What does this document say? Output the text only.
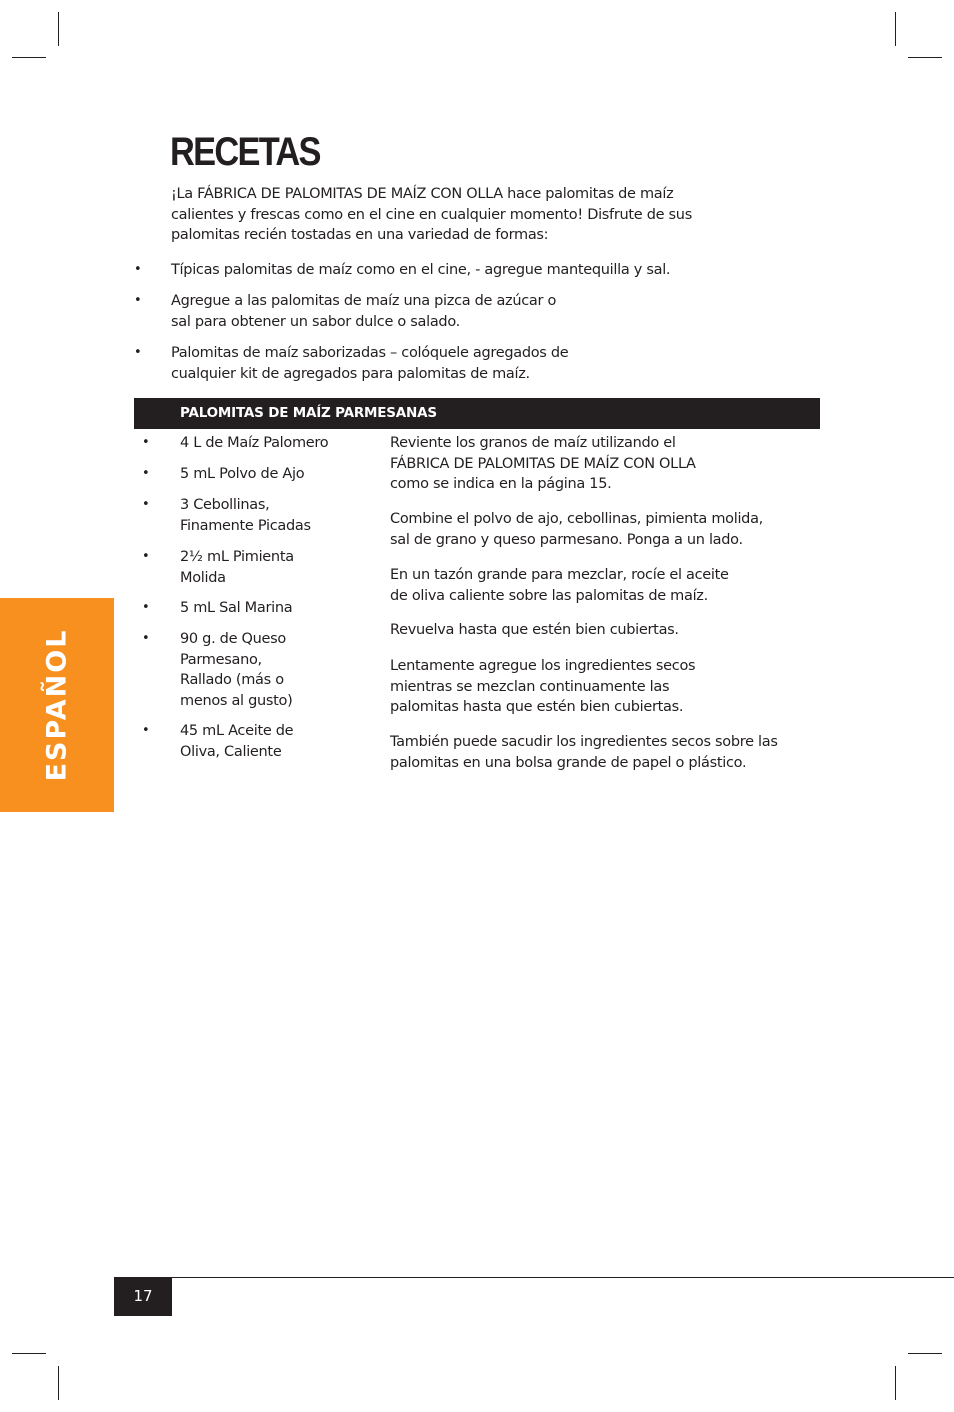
RECETAS
¡La FÁBRICA DE PALOMITAS DE MAÍZ CON OLLA hace palomitas de maíz calientes y frescas como en el cine en cualquier momento! Disfrute de sus palomitas recién tostadas en una variedad de formas:
• Típicas palomitas de maíz como en el cine, - agregue mantequilla y sal.
• Agregue a las palomitas de maíz una pizca de azúcar o sal para obtener un sabor dulce o salado.
• Palomitas de maíz saborizadas – colóquele agregados de cualquier kit de agregados para palomitas de maíz.
PALOMITAS DE MAÍZ PARMESANAS
• 4 L de Maíz Palomero
• 5 mL Polvo de Ajo
• 3 Cebollinas, Finamente Picadas
• 2½ mL Pimienta Molida
• 5 mL Sal Marina
• 90 g. de Queso Parmesano, Rallado (más o menos al gusto)
• 45 mL Aceite de Oliva, Caliente
Reviente los granos de maíz utilizando el FÁBRICA DE PALOMITAS DE MAÍZ CON OLLA como se indica en la página 15.
Combine el polvo de ajo, cebollinas, pimienta molida, sal de grano y queso parmesano. Ponga a un lado.
En un tazón grande para mezclar, rocíe el aceite de oliva caliente sobre las palomitas de maíz.
Revuelva hasta que estén bien cubiertas.
Lentamente agregue los ingredientes secos mientras se mezclan continuamente las palomitas hasta que estén bien cubiertas.
También puede sacudir los ingredientes secos sobre las palomitas en una bolsa grande de papel o plástico.
ESPAÑOL
17
